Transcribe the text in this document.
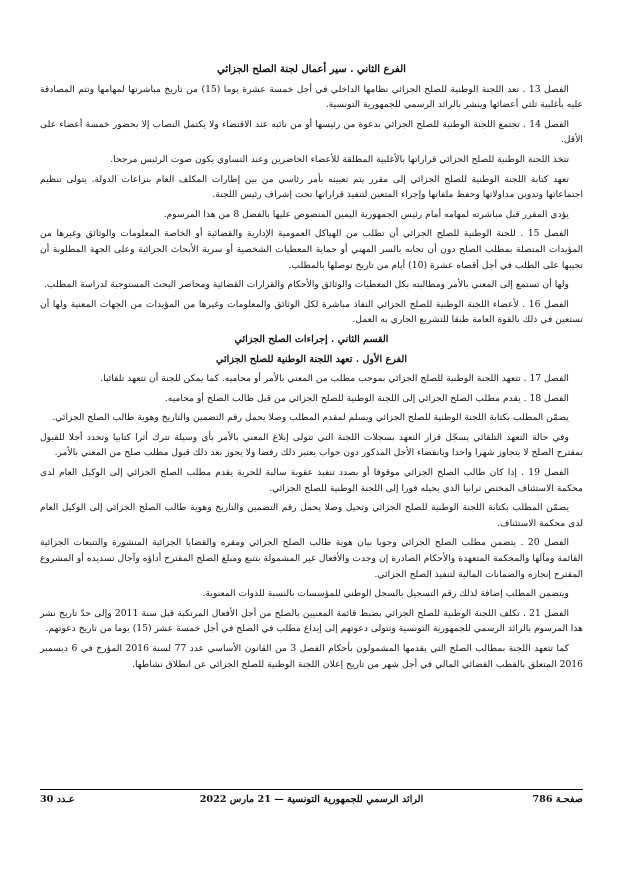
الفرع الثاني . سير أعمال لجنة الصلح الجزائي

الفصل 13 . تعد اللجنة الوطنية للصلح الجزائي نظامها الداخلي في أجل خمسة عشرة يوما (15) من تاريخ مباشرتها لمهامها وتتم المصادقة عليه بأغلبية ثلثي أعضائها وينشر بالرائد الرسمي للجمهورية التونسية.

الفصل 14 . تجتمع اللجنة الوطنية للصلح الجزائي بدعوة من رئيسها أو من نائبه عند الاقتضاء ولا يكتمل النصاب إلا بحضور خمسة أعضاء على الأقل.

تتخذ اللجنة الوطنية للصلح الجزائي قراراتها بالأغلبية المطلقة للأعضاء الحاضرين وعند التساوي يكون صوت الرئيس مرجحا.

تعهد كتابة اللجنة الوطنية للصلح الجزائي إلى مقرر يتم تعيينه بأمر رئاسي من بين إطارات المكلف العام بنزاعات الدولة. يتولى تنظيم اجتماعاتها وتدوين مداولاتها وحفظ ملفاتها وإجراء المتعين لتنفيذ قراراتها تحت إشراف رئيس اللجنة.

يؤدي المقرر قبل مباشرته لمهامه أمام رئيس الجمهورية اليمين المنصوص عليها بالفصل 8 من هذا المرسوم.

الفصل 15 . للجنة الوطنية للصلح الجزائي أن تطلب من الهياكل العمومية الإدارية والقضائية أو الخاصة المعلومات والوثائق وغيرها من المؤيدات المتصلة بمطلب الصلح دون أن تجابه بالسر المهني أو حماية المعطيات الشخصية أو سرية الأبحاث الجزائية وعلى الجهة المطلوبة أن تجيبها على الطلب في أجل أقصاه عشرة (10) أيام من تاريخ توصلها بالمطلب.

ولها أن تستمع إلى المعني بالأمر ومطالبته بكل المعطيات والوثائق والأحكام والقرارات القضائية ومحاضر البحث المستوجبة لدراسة المطلب.

الفصل 16 . لأعضاء اللجنة الوطنية للصلح الجزائي النفاذ مباشرة لكل الوثائق والمعلومات وغيرها من المؤيدات من الجهات المعنية ولها أن تستعين في ذلك بالقوة العامة طبقا للتشريع الجاري به العمل.

القسم الثاني . إجراءات الصلح الجزائي
الفرع الأول . تعهد اللجنة الوطنية للصلح الجزائي

الفصل 17 . تتعهد اللجنة الوطنية للصلح الجزائي بموجب مطلب من المعني بالأمر أو محاميه. كما يمكن للجنة أن تتعهد تلقائيا.

الفصل 18 . يقدم مطلب الصلح الجزائي إلى اللجنة الوطنية للصلح الجزائي من قبل طالب الصلح أو محاميه.

يضمّن المطلب بكتابة اللجنة الوطنية للصلح الجزائي ويسلم لمقدم المطلب وصلا يحمل رقم التضمين والتاريخ وهوية طالب الصلح الجزائي.

وفي حالة التعهد التلقائي يسجّل قرار التعهد بسجلات اللجنة التي تتولى إبلاغ المعني بالأمر بأي وسيلة تترك أثرا كتابيا وتحدد أجلا للقبول بمقترح الصلح لا يتجاوز شهرا واحدا وبانقضاء الأجل المذكور دون جواب يعتبر ذلك رفضا ولا يجوز بعد ذلك قبول مطلب صلح من المعني بالأمر.

الفصل 19 . إذا كان طالب الصلح الجزائي موقوفا أو بصدد تنفيذ عقوبة سالبة للحرية يقدم مطلب الصلح الجزائي إلى الوكيل العام لدى محكمة الاستئناف المختص ترابيا الذي يحيله فورا إلى اللجنة الوطنية للصلح الجزائي.

يضمّن المطلب بكتابة اللجنة الوطنية للصلح الجزائي وتحيل وصلا يحمل رقم التضمين والتاريخ وهوية طالب الصلح الجزائي إلى الوكيل العام لدى محكمة الاستئناف.

الفصل 20 . يتضمن مطلب الصلح الجزائي وجوبا بيان هوية طالب الصلح الجزائي ومقره والقضايا الجزائية المنشورة والتتبعات الجزائية القائمة ومآلها والمحكمة المتعهدة والأحكام الصادرة إن وجدت والأفعال غير المشمولة بتتبع ومبلغ الصلح المقترح أداؤه وآجال تسديده أو المشروع المقترح إنجازه والضمانات المالية لتنفيذ الصلح الجزائي.

ويتضمن المطلب إضافة لذلك رقم التسجيل بالسجل الوطني للمؤسسات بالنسبة للذوات المعنوية.

الفصل 21 . تكلف اللجنة الوطنية للصلح الجزائي بضبط قائمة المعنيين بالصلح من أجل الأفعال المرتكبة قبل سنة 2011 وإلى حدّ تاريخ نشر هذا المرسوم بالرائد الرسمي للجمهورية التونسية وتتولى دعوتهم إلى إيداع مطلب في الصلح في أجل خمسة عشر (15) يوما من تاريخ دعوتهم.

كما تتعهد اللجنة بمطالب الصلح التي يقدمها المشمولون بأحكام الفصل 3 من القانون الأساسي عدد 77 لسنة 2016 المؤرخ في 6 ديسمبر 2016 المتعلق بالقطب القضائي المالي في أجل شهر من تاريخ إعلان اللجنة الوطنية للصلح الجزائي عن انطلاق نشاطها.

صفحـة 786
الرائد الرسمي للجمهورية التونسية — 21 مارس 2022
عـدد 30
